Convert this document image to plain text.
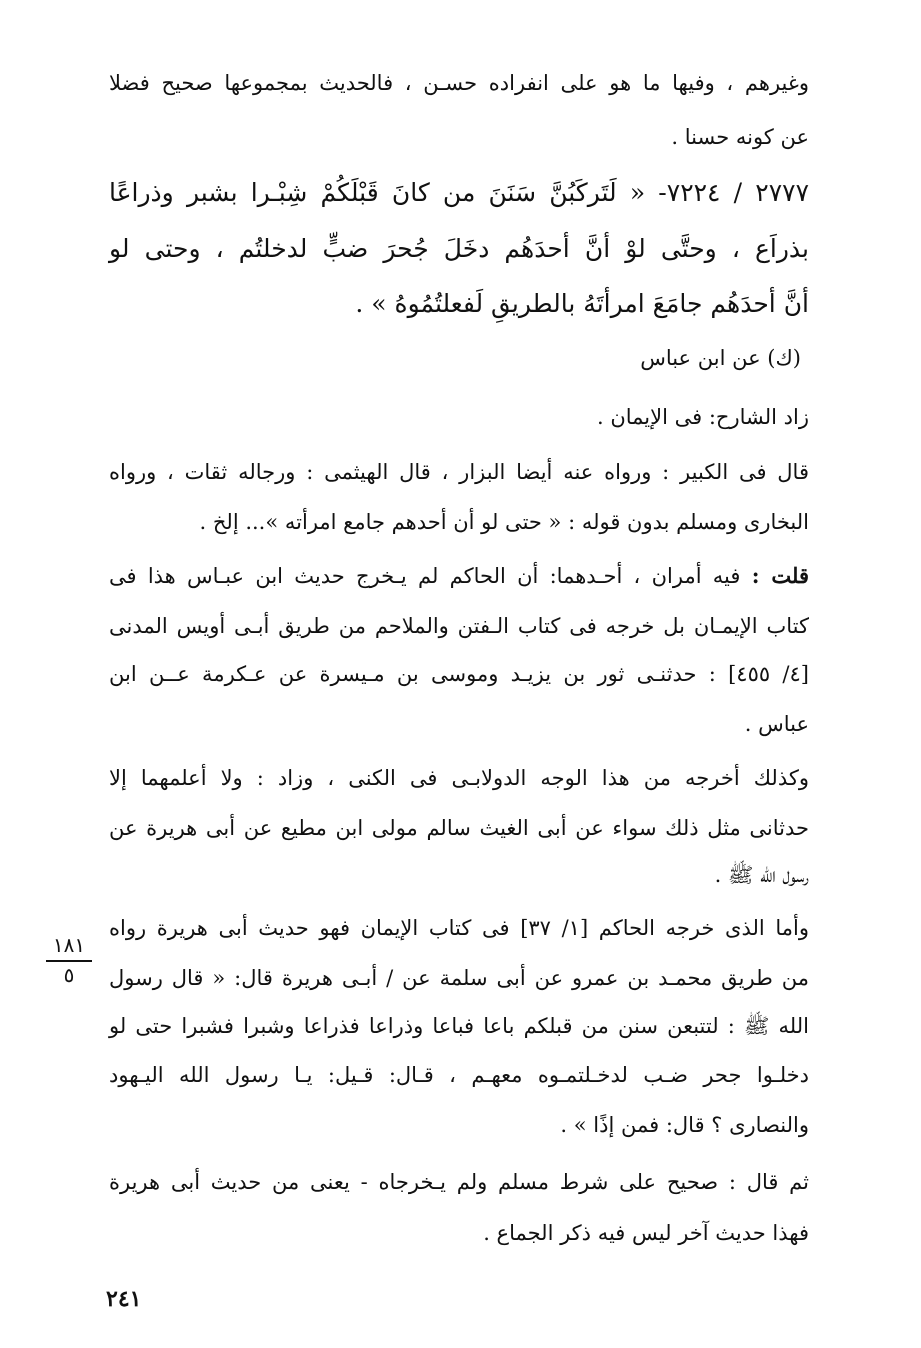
وغيرهم ، وفيها ما هو على انفراده حسـن ، فالحديث بمجموعها صحيح فضلا
عن كونه حسنا .
٢٧٧٧ / ٧٢٢٤- « لَتَركَبُنَّ سَنَنَ من كانَ قَبْلَكُمْ شِبْـرا بشبر وذراعًا
بذراَع ، وحتَّى لوْ أنَّ أحدَهُم دخَلَ جُحرَ ضبٍّ لدخلتُم ، وحتى لو
أنَّ أحدَهُم جامَعَ امرأتَهُ بالطريقِ لَفعلتُمُوهُ » .
(ك) عن ابن عباس
زاد الشارح: فى الإيمان .
قال فى الكبير : ورواه عنه أيضا البزار ، قال الهيثمى : ورجاله ثقات ، ورواه
البخارى ومسلم بدون قوله : « حتى لو أن أحدهم جامع امرأته »... إلخ .
قلت : فيه أمران ، أحـدهما: أن الحاكم لم يـخرج حديث ابن عبـاس هذا فى
كتاب الإيمـان بل خرجه فى كتاب الـفتن والملاحم من طريق أبـى أويس المدنى
[٤/ ٤٥٥] : حدثنـى ثور بن يزيـد وموسى بن مـيسرة عن عـكرمة عــن ابن
عباس .
وكذلك أخرجه من هذا الوجه الدولابـى فى الكنى ، وزاد : ولا أعلمهما إلا
حدثانى مثل ذلك سواء عن أبى الغيث سالم مولى ابن مطيع عن أبى هريرة عن
رسول الله ﷺ .
وأما الذى خرجه الحاكم [١/ ٣٧] فى كتاب الإيمان فهو حديث أبى هريرة رواه
من طريق محمـد بن عمرو عن أبى سلمة عن / أبـى هريرة قال: « قال رسول
الله ﷺ : لتتبعن سنن من قبلكم باعا فباعا وذراعا فذراعا وشبرا فشبرا حتى لو
دخلـوا جحر ضـب لدخـلتمـوه معهـم ، قـال: قـيل: يـا رسول الله اليـهود
والنصارى ؟ قال: فمن إذًا » .
ثم قال : صحيح على شرط مسلم ولم يـخرجاه - يعنى من حديث أبى هريرة
فهذا حديث آخر ليس فيه ذكر الجماع .
١٨١
٥
٢٤١
